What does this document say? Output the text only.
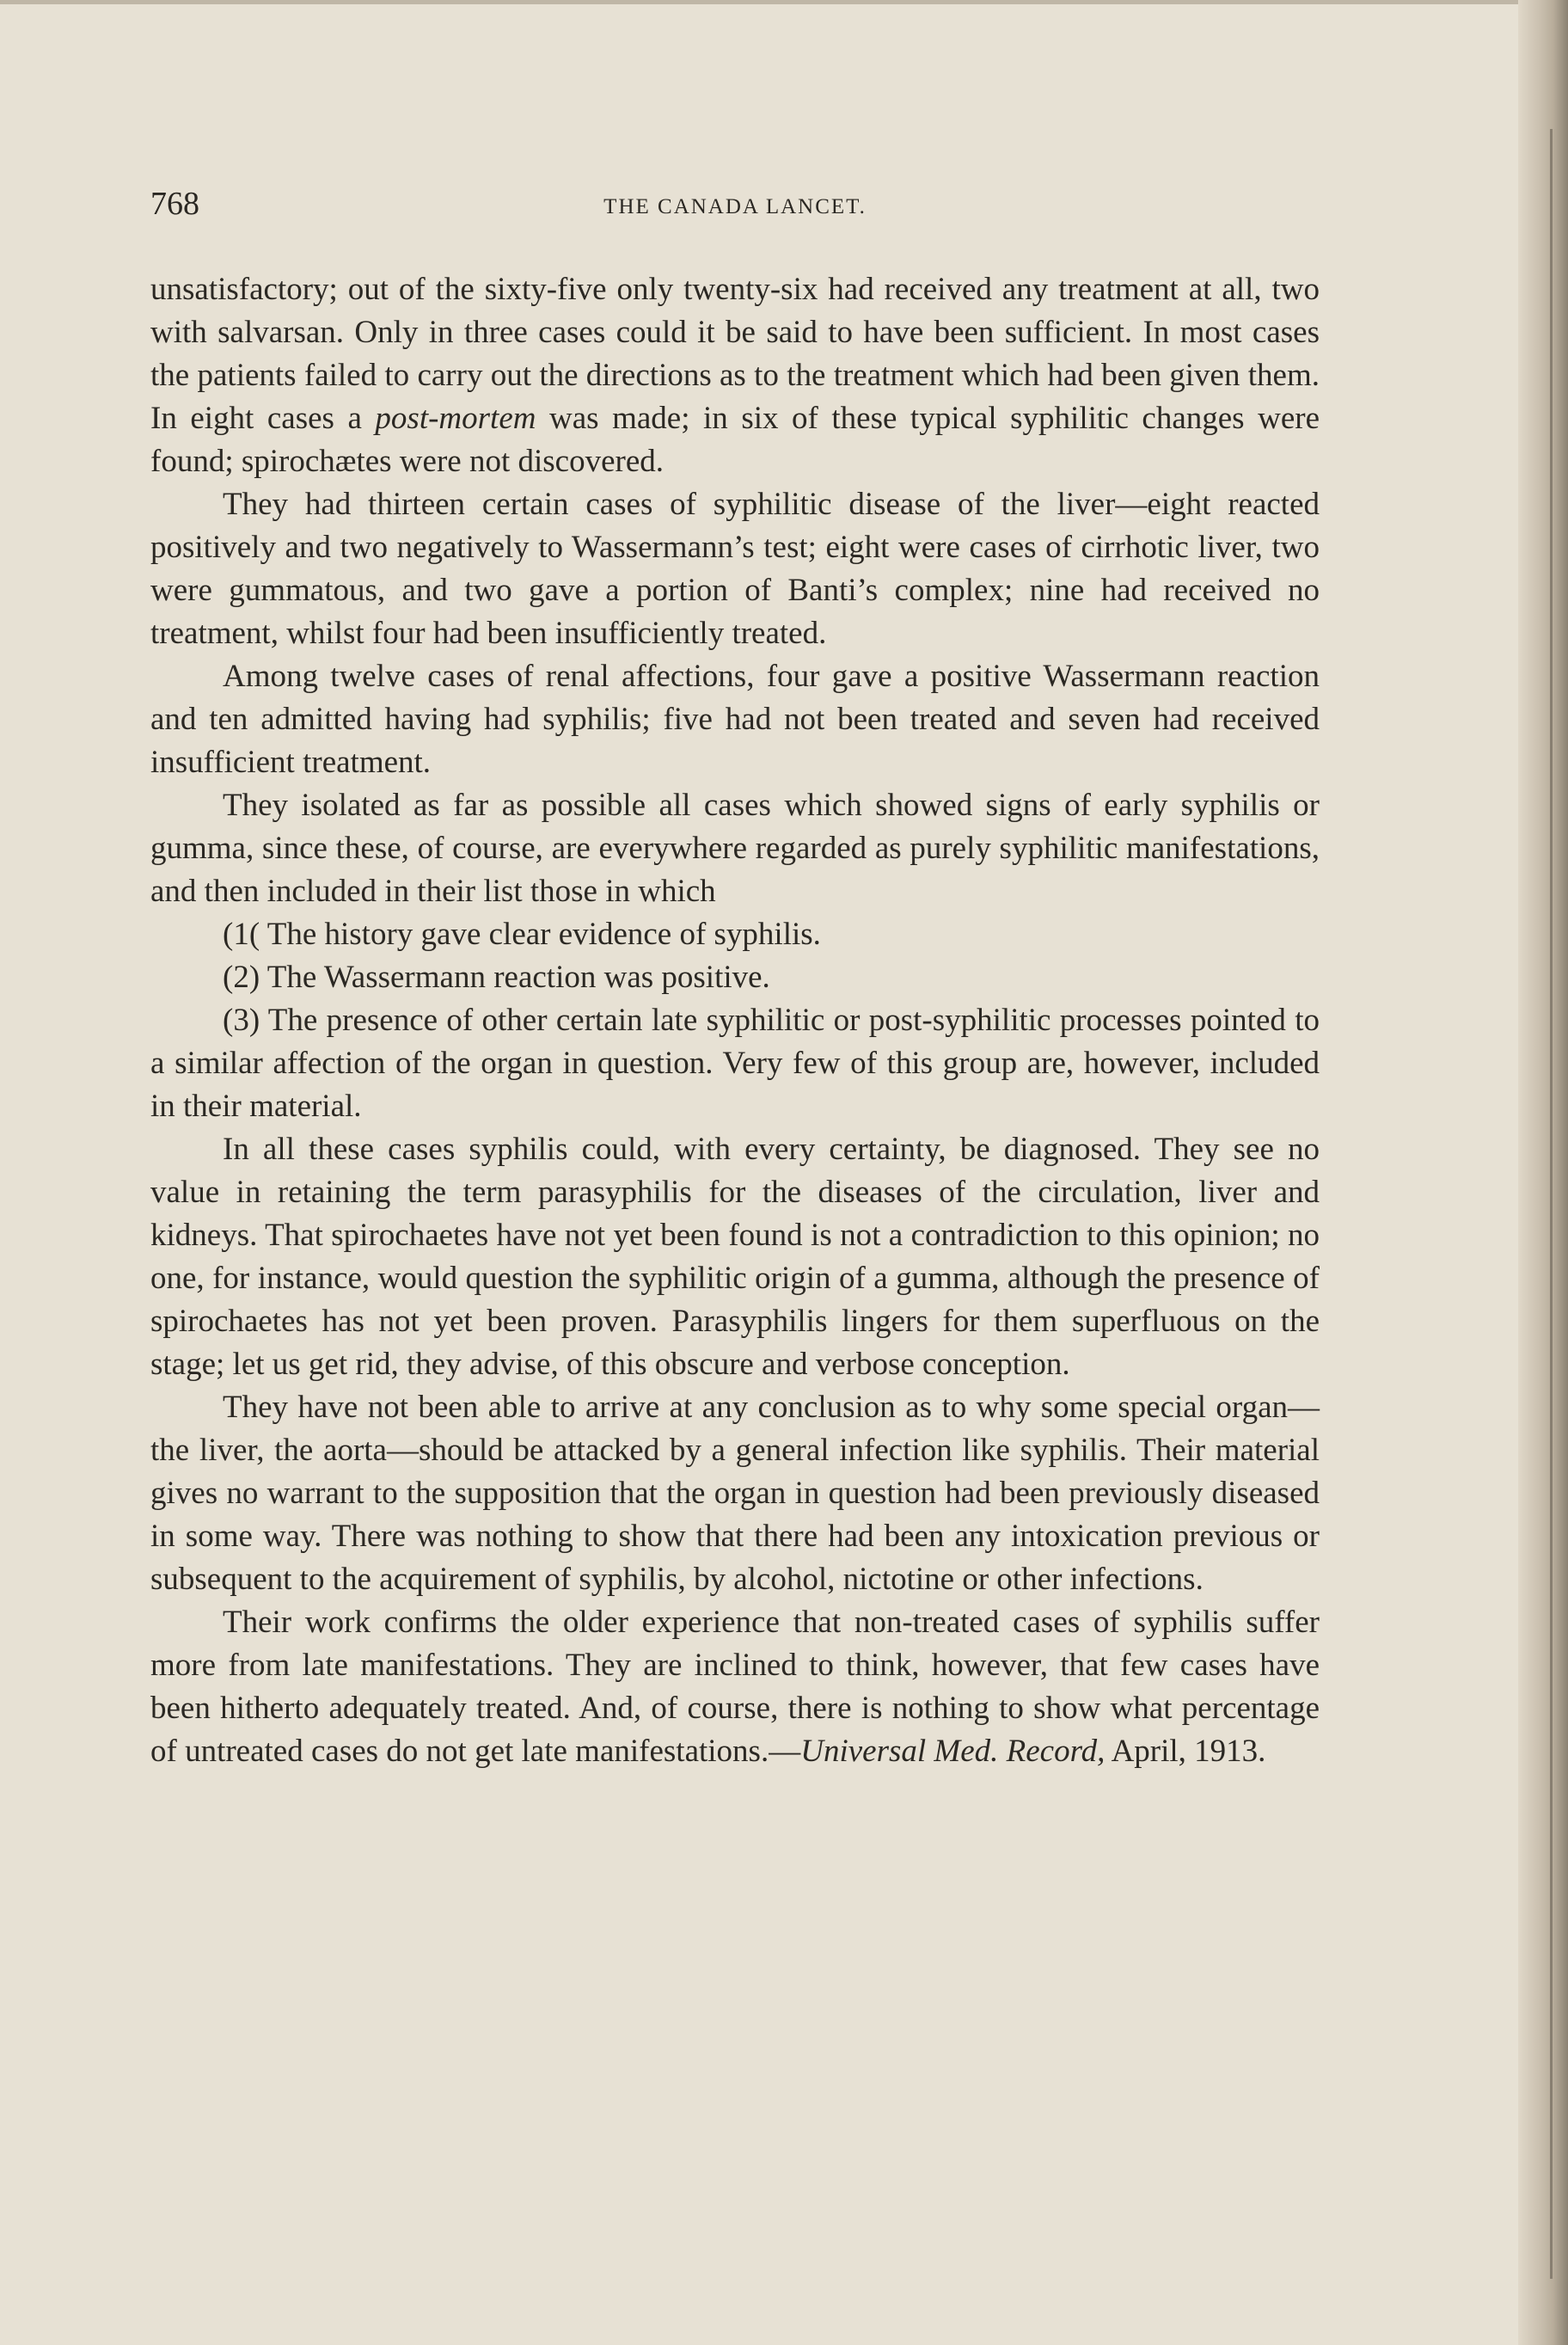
768	THE CANADA LANCET.

unsatisfactory; out of the sixty-five only twenty-six had received any treatment at all, two with salvarsan. Only in three cases could it be said to have been sufficient. In most cases the patients failed to carry out the directions as to the treatment which had been given them. In eight cases a post-mortem was made; in six of these typical syphilitic changes were found; spirochætes were not discovered.

They had thirteen certain cases of syphilitic disease of the liver—eight reacted positively and two negatively to Wassermann’s test; eight were cases of cirrhotic liver, two were gummatous, and two gave a portion of Banti’s complex; nine had received no treatment, whilst four had been insufficiently treated.

Among twelve cases of renal affections, four gave a positive Wassermann reaction and ten admitted having had syphilis; five had not been treated and seven had received insufficient treatment.

They isolated as far as possible all cases which showed signs of early syphilis or gumma, since these, of course, are everywhere regarded as purely syphilitic manifestations, and then included in their list those in which

(1( The history gave clear evidence of syphilis.

(2) The Wassermann reaction was positive.

(3) The presence of other certain late syphilitic or post-syphilitic processes pointed to a similar affection of the organ in question. Very few of this group are, however, included in their material.

In all these cases syphilis could, with every certainty, be diagnosed. They see no value in retaining the term parasyphilis for the diseases of the circulation, liver and kidneys. That spirochaetes have not yet been found is not a contradiction to this opinion; no one, for instance, would question the syphilitic origin of a gumma, although the presence of spirochaetes has not yet been proven. Parasyphilis lingers for them superfluous on the stage; let us get rid, they advise, of this obscure and verbose conception.

They have not been able to arrive at any conclusion as to why some special organ—the liver, the aorta—should be attacked by a general infection like syphilis. Their material gives no warrant to the supposition that the organ in question had been previously diseased in some way. There was nothing to show that there had been any intoxication previous or subsequent to the acquirement of syphilis, by alcohol, nictotine or other infections.

Their work confirms the older experience that non-treated cases of syphilis suffer more from late manifestations. They are inclined to think, however, that few cases have been hitherto adequately treated. And, of course, there is nothing to show what percentage of untreated cases do not get late manifestations.—Universal Med. Record, April, 1913.
